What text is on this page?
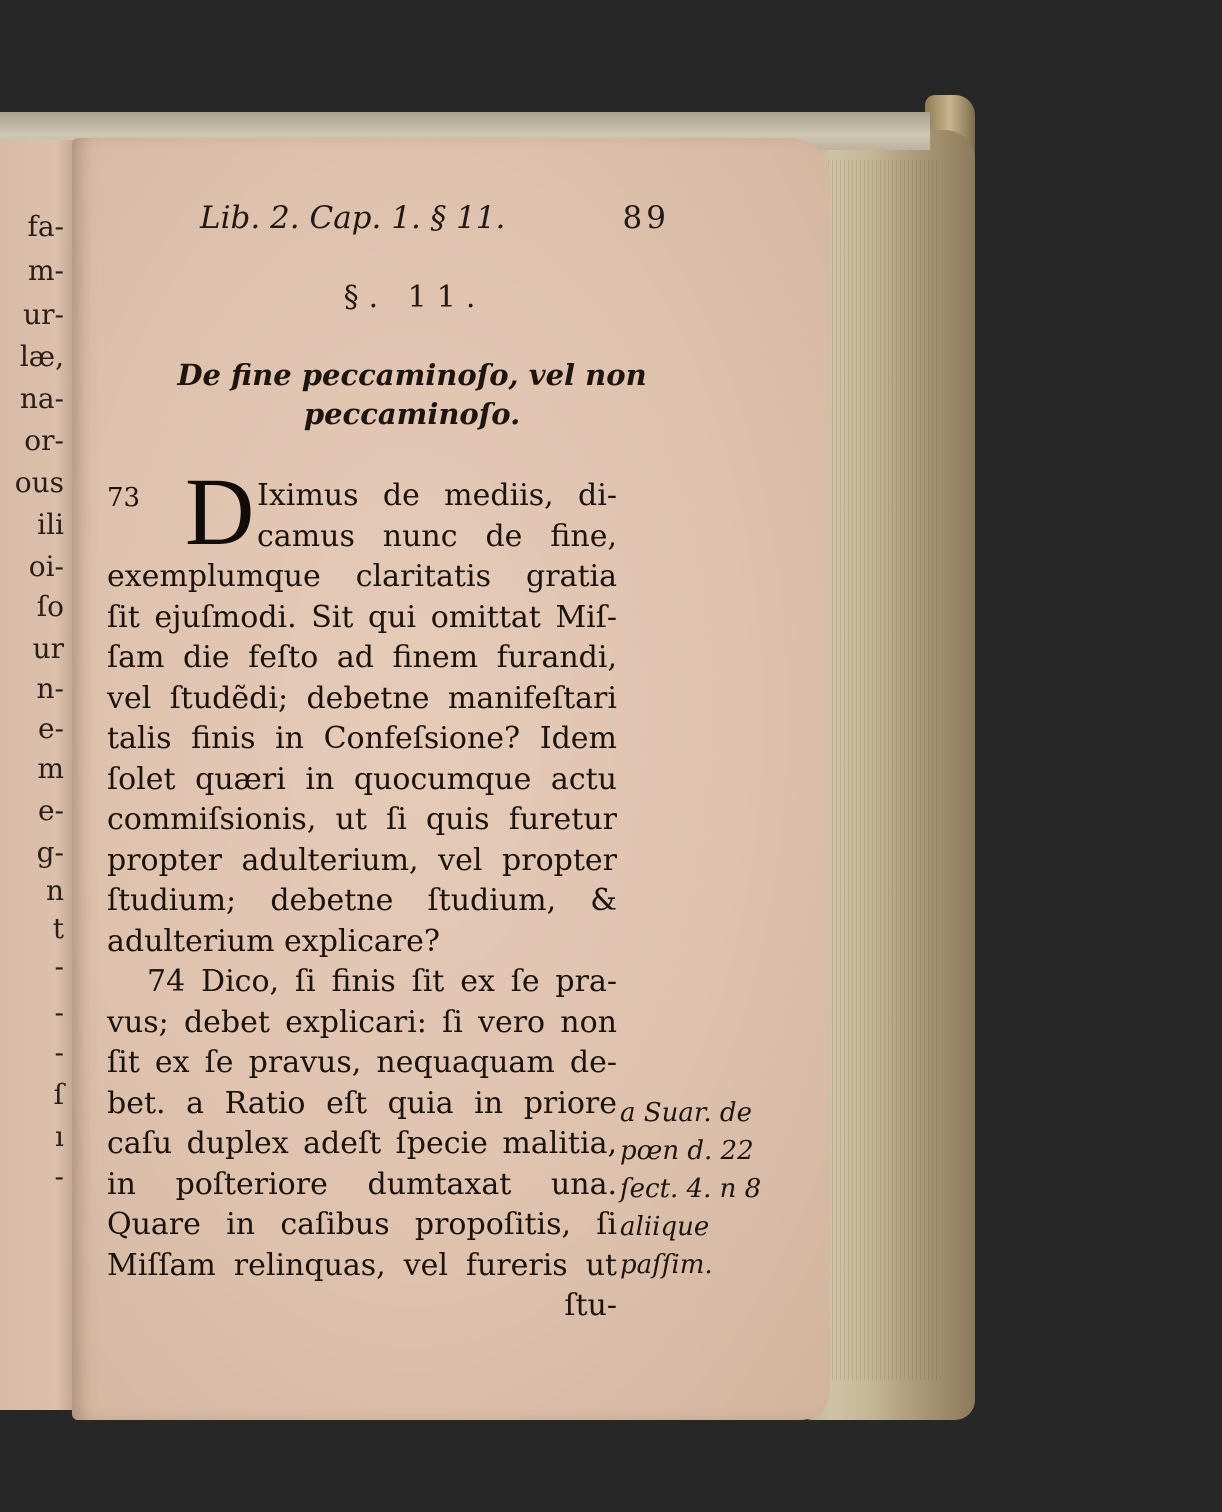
fa-
m-
ur-
læ,
na-
or-
ous
ili
oi-
ſo
ur
n-
e-
m
e-
g-
n
t
-
-
-
ſ
ı
-
Lib. 2. Cap. 1. § 11.	89
§. 11.
De fine peccaminoſo, vel non
peccaminoſo.
D
73	Iximus de mediis, di-
camus nunc de fine,
exemplumque claritatis gratia
ſit ejuſmodi. Sit qui omittat Miſ-
ſam die feſto ad finem furandi,
vel ſtudẽdi; debetne manifeſtari
talis finis in Confeſsione? Idem
ſolet quæri in quocumque actu
commiſsionis, ut ſi quis furetur
propter adulterium, vel propter
ſtudium; debetne ſtudium, &
adulterium explicare?
74 Dico, ſi finis ſit ex ſe pra-
vus; debet explicari: ſi vero non
ſit ex ſe pravus, nequaquam de-
bet. a Ratio eſt quia in priore
caſu duplex adeſt ſpecie malitia,
in poſteriore dumtaxat una.
Quare in caſibus propoſitis, ſi
Miſſam relinquas, vel fureris ut
ſtu-
a Suar. de
pœn d. 22
ſect. 4. n 8
aliique
paſſim.
